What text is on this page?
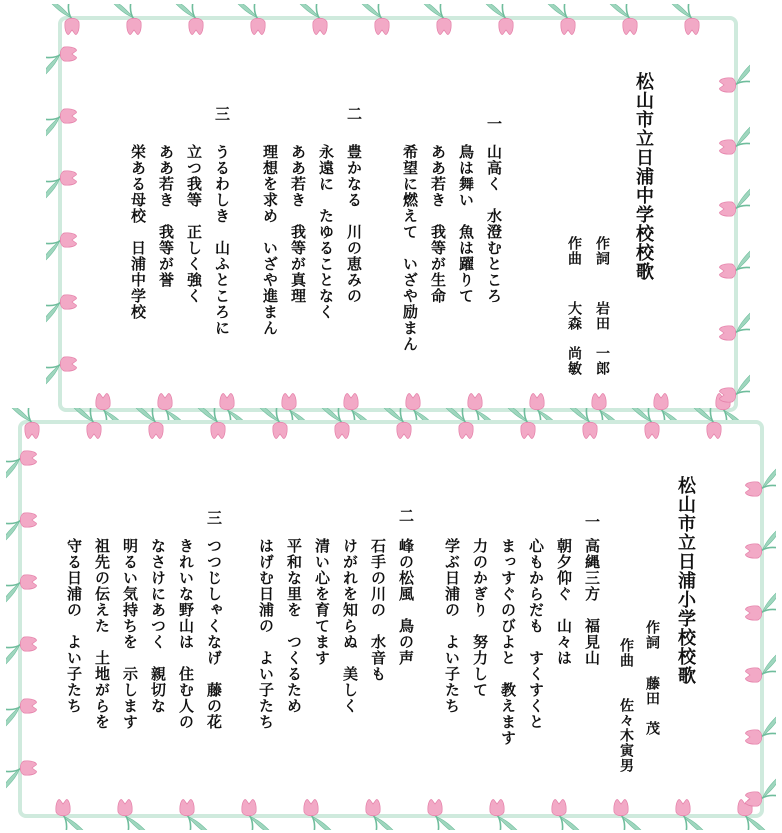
松山市立日浦中学校校歌
作詞
岩田　一郎
作曲
大森　尚敏
一
山高く　水澄むところ
鳥は舞い　魚は躍りて
ああ若き　我等が生命
希望に燃えて　いざや励まん
二
豊かなる　川の恵みの
永遠に　たゆることなく
ああ若き　我等が真理
理想を求め　いざや進まん
三
うるわしき　山ふところに
立つ我等　正しく強く
ああ若き　我等が誉
栄ある母校　日浦中学校
松山市立日浦小学校校歌
作詞
藤田　茂
作曲
佐々木寅男
一
高縄三方　福見山
朝夕仰ぐ　山々は
心もからだも　すくすくと
まっすぐのびよと　教えます
力のかぎり　努力して
学ぶ日浦の　よい子たち
二
峰の松風　鳥の声
石手の川の　水音も
けがれを知らぬ　美しく
清い心を育てます
平和な里を　つくるため
はげむ日浦の　よい子たち
三
つつじしゃくなげ　藤の花
きれいな野山は　住む人の
なさけにあつく　親切な
明るい気持ちを　示します
祖先の伝えた　土地がらを
守る日浦の　よい子たち
